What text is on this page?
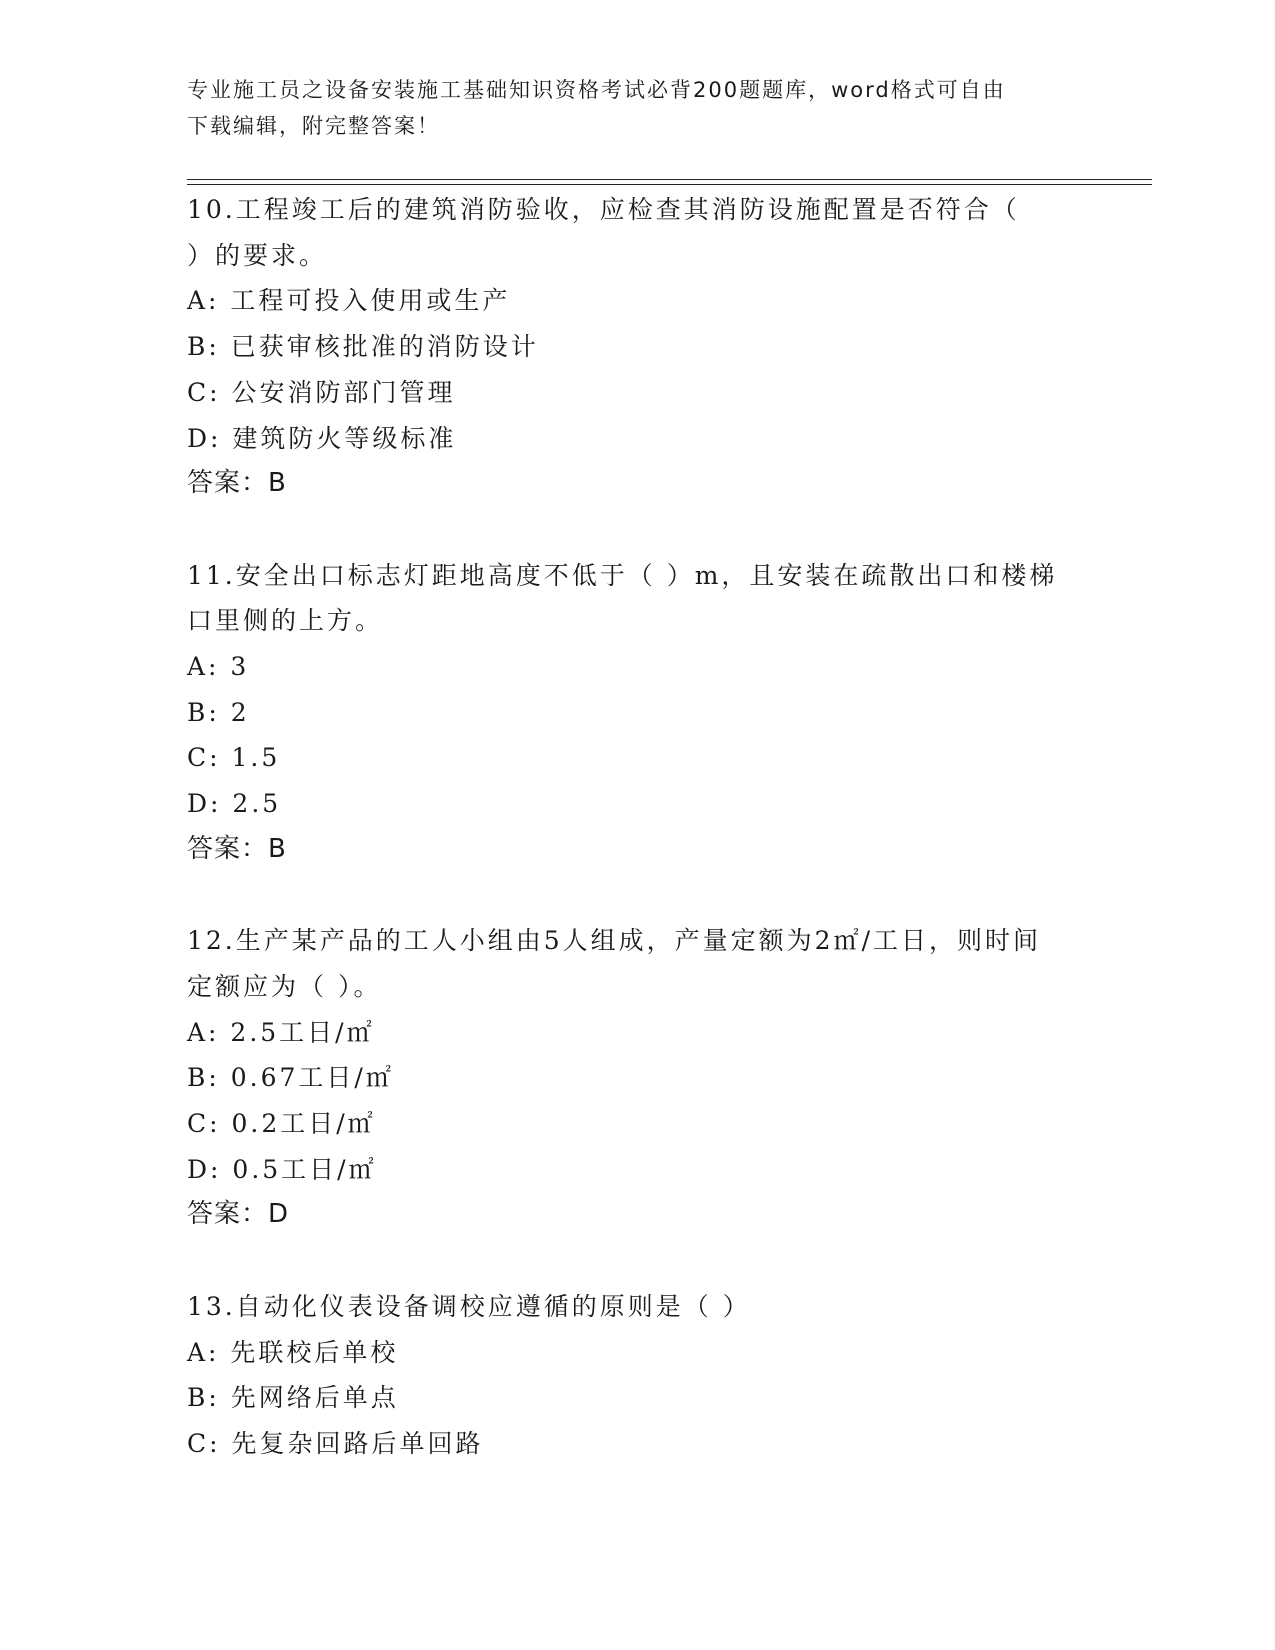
专业施工员之设备安装施工基础知识资格考试必背200题题库，word格式可自由
下载编辑，附完整答案！
10.工程竣工后的建筑消防验收，应检查其消防设施配置是否符合（
）的要求。
A: 工程可投入使用或生产
B: 已获审核批准的消防设计
C: 公安消防部门管理
D: 建筑防火等级标准
答案：B
11.安全出口标志灯距地高度不低于（ ）m，且安装在疏散出口和楼梯
口里侧的上方。
A: 3
B: 2
C: 1.5
D: 2.5
答案：B
12.生产某产品的工人小组由5人组成，产量定额为2㎡/工日，则时间
定额应为（ ）。
A: 2.5工日/㎡
B: 0.67工日/㎡
C: 0.2工日/㎡
D: 0.5工日/㎡
答案：D
13.自动化仪表设备调校应遵循的原则是（ ）
A: 先联校后单校
B: 先网络后单点
C: 先复杂回路后单回路
